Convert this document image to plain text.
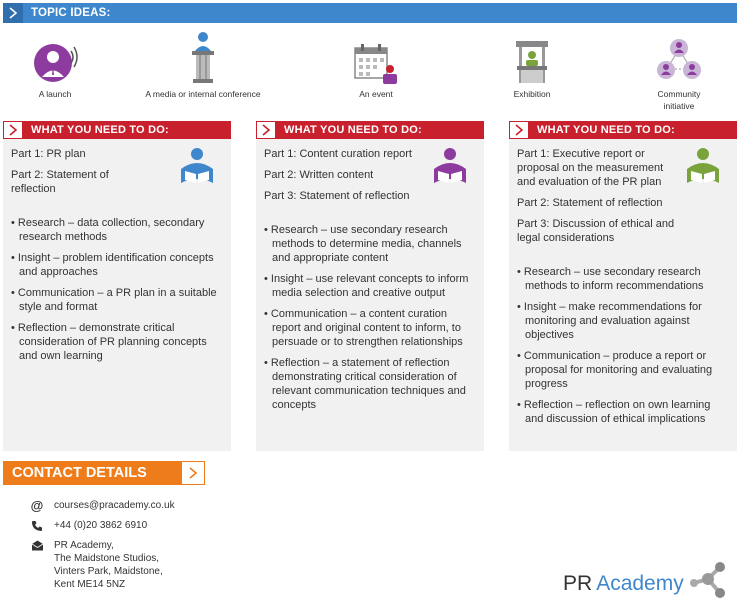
TOPIC IDEAS:
A launch	A media or internal conference	An event	Exhibition	Community initiative
WHAT YOU NEED TO DO:
Part 1: PR plan
Part 2: Statement of reflection
• Research – data collection, secondary research methods
• Insight – problem identification concepts and approaches
• Communication – a PR plan in a suitable style and format
• Reflection – demonstrate critical consideration of PR planning concepts and own learning
WHAT YOU NEED TO DO:
Part 1: Content curation report
Part 2: Written content
Part 3: Statement of reflection
• Research – use secondary research methods to determine media, channels and appropriate content
• Insight – use relevant concepts to inform media selection and creative output
• Communication – a content curation report and original content to inform, to persuade or to strengthen relationships
• Reflection – a statement of reflection demonstrating critical consideration of relevant communication techniques and concepts
WHAT YOU NEED TO DO:
Part 1: Executive report or proposal on the measurement and evaluation of the PR plan
Part 2: Statement of reflection
Part 3: Discussion of ethical and legal considerations
• Research – use secondary research methods to inform recommendations
• Insight – make recommendations for monitoring and evaluation against objectives
• Communication – produce a report or proposal for monitoring and evaluating progress
• Reflection – reflection on own learning and discussion of ethical implications
CONTACT DETAILS
@ courses@pracademy.co.uk
+44 (0)20 3862 6910
PR Academy,
The Maidstone Studios,
Vinters Park, Maidstone,
Kent ME14 5NZ	PR Academy
